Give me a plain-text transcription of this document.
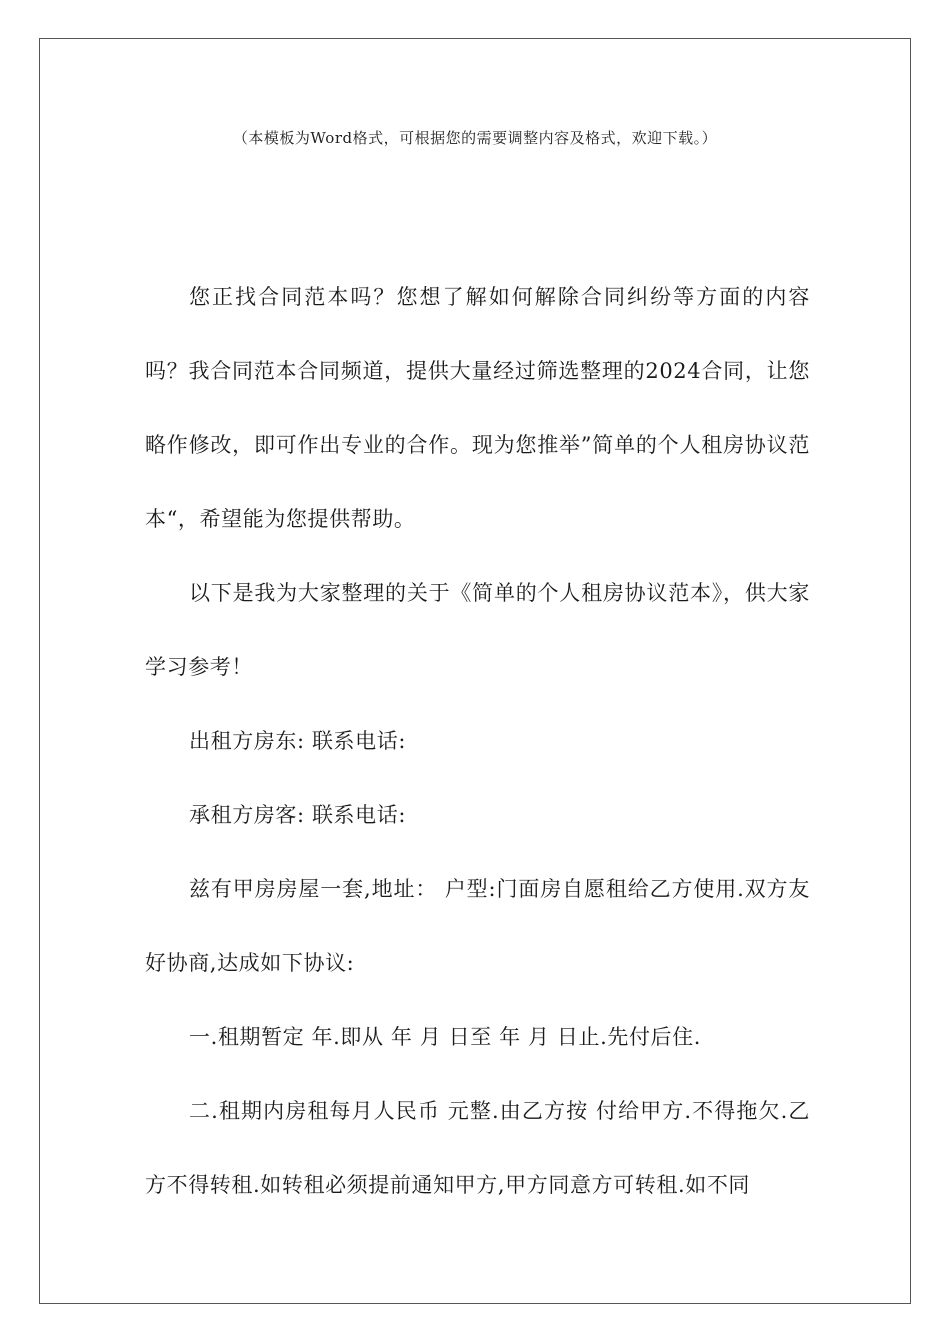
（本模板为Word格式，可根据您的需要调整内容及格式，欢迎下载。）

您正找合同范本吗？您想了解如何解除合同纠纷等方面的内容吗？我合同范本合同频道，提供大量经过筛选整理的2024合同，让您略作修改，即可作出专业的合作。现为您推举”简单的个人租房协议范本“，希望能为您提供帮助。

以下是我为大家整理的关于《简单的个人租房协议范本》，供大家学习参考！

出租方房东: 联系电话:

承租方房客: 联系电话:

兹有甲房房屋一套,地址： 户型:门面房自愿租给乙方使用.双方友好协商,达成如下协议:

一.租期暂定 年.即从 年 月 日至 年 月 日止.先付后住.

二.租期内房租每月人民币 元整.由乙方按 付给甲方.不得拖欠.乙方不得转租.如转租必须提前通知甲方,甲方同意方可转租.如不同
